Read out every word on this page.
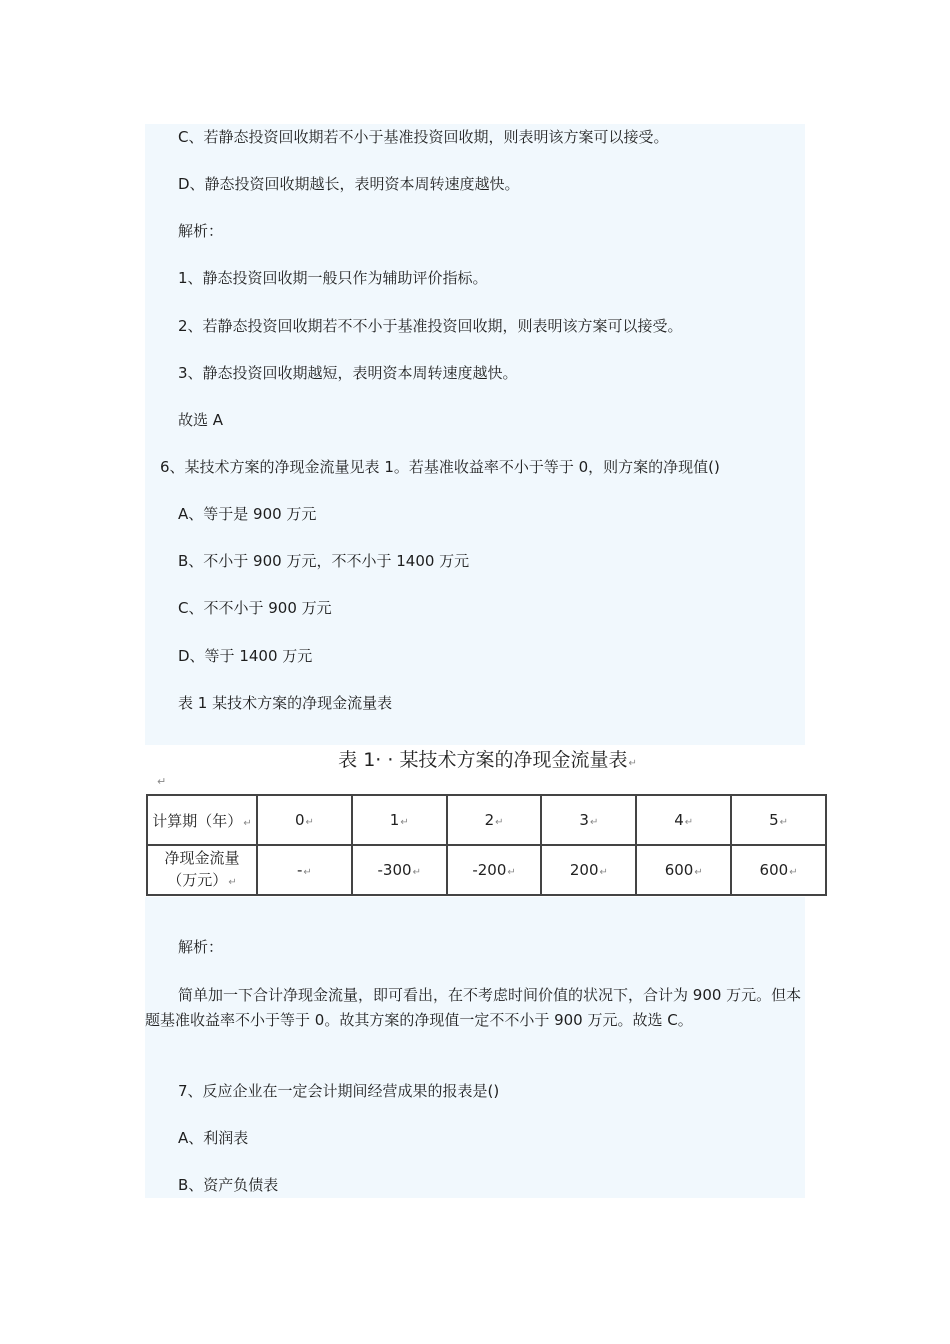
C、若静态投资回收期若不小于基准投资回收期，则表明该方案可以接受。
D、静态投资回收期越长，表明资本周转速度越快。
解析：
1、静态投资回收期一般只作为辅助评价指标。
2、若静态投资回收期若不不小于基准投资回收期，则表明该方案可以接受。
3、静态投资回收期越短，表明资本周转速度越快。
故选 A
6、某技术方案的净现金流量见表 1。若基准收益率不小于等于 0，则方案的净现值()
A、等于是 900 万元
B、不小于 900 万元，不不小于 1400 万元
C、不不小于 900 万元
D、等于 1400 万元
表 1 某技术方案的净现金流量表
表 1· · 某技术方案的净现金流量表↵
↵
计算期（年）↵	0↵	1↵	2↵	3↵	4↵	5↵

净现金流量
（万元）↵	-↵	-300↵	-200↵	200↵	600↵	600↵
解析：
简单加一下合计净现金流量，即可看出，在不考虑时间价值的状况下，合计为 900 万元。但本题基准收益率不小于等于 0。故其方案的净现值一定不不小于 900 万元。故选 C。
7、反应企业在一定会计期间经营成果的报表是()
A、利润表
B、资产负债表
